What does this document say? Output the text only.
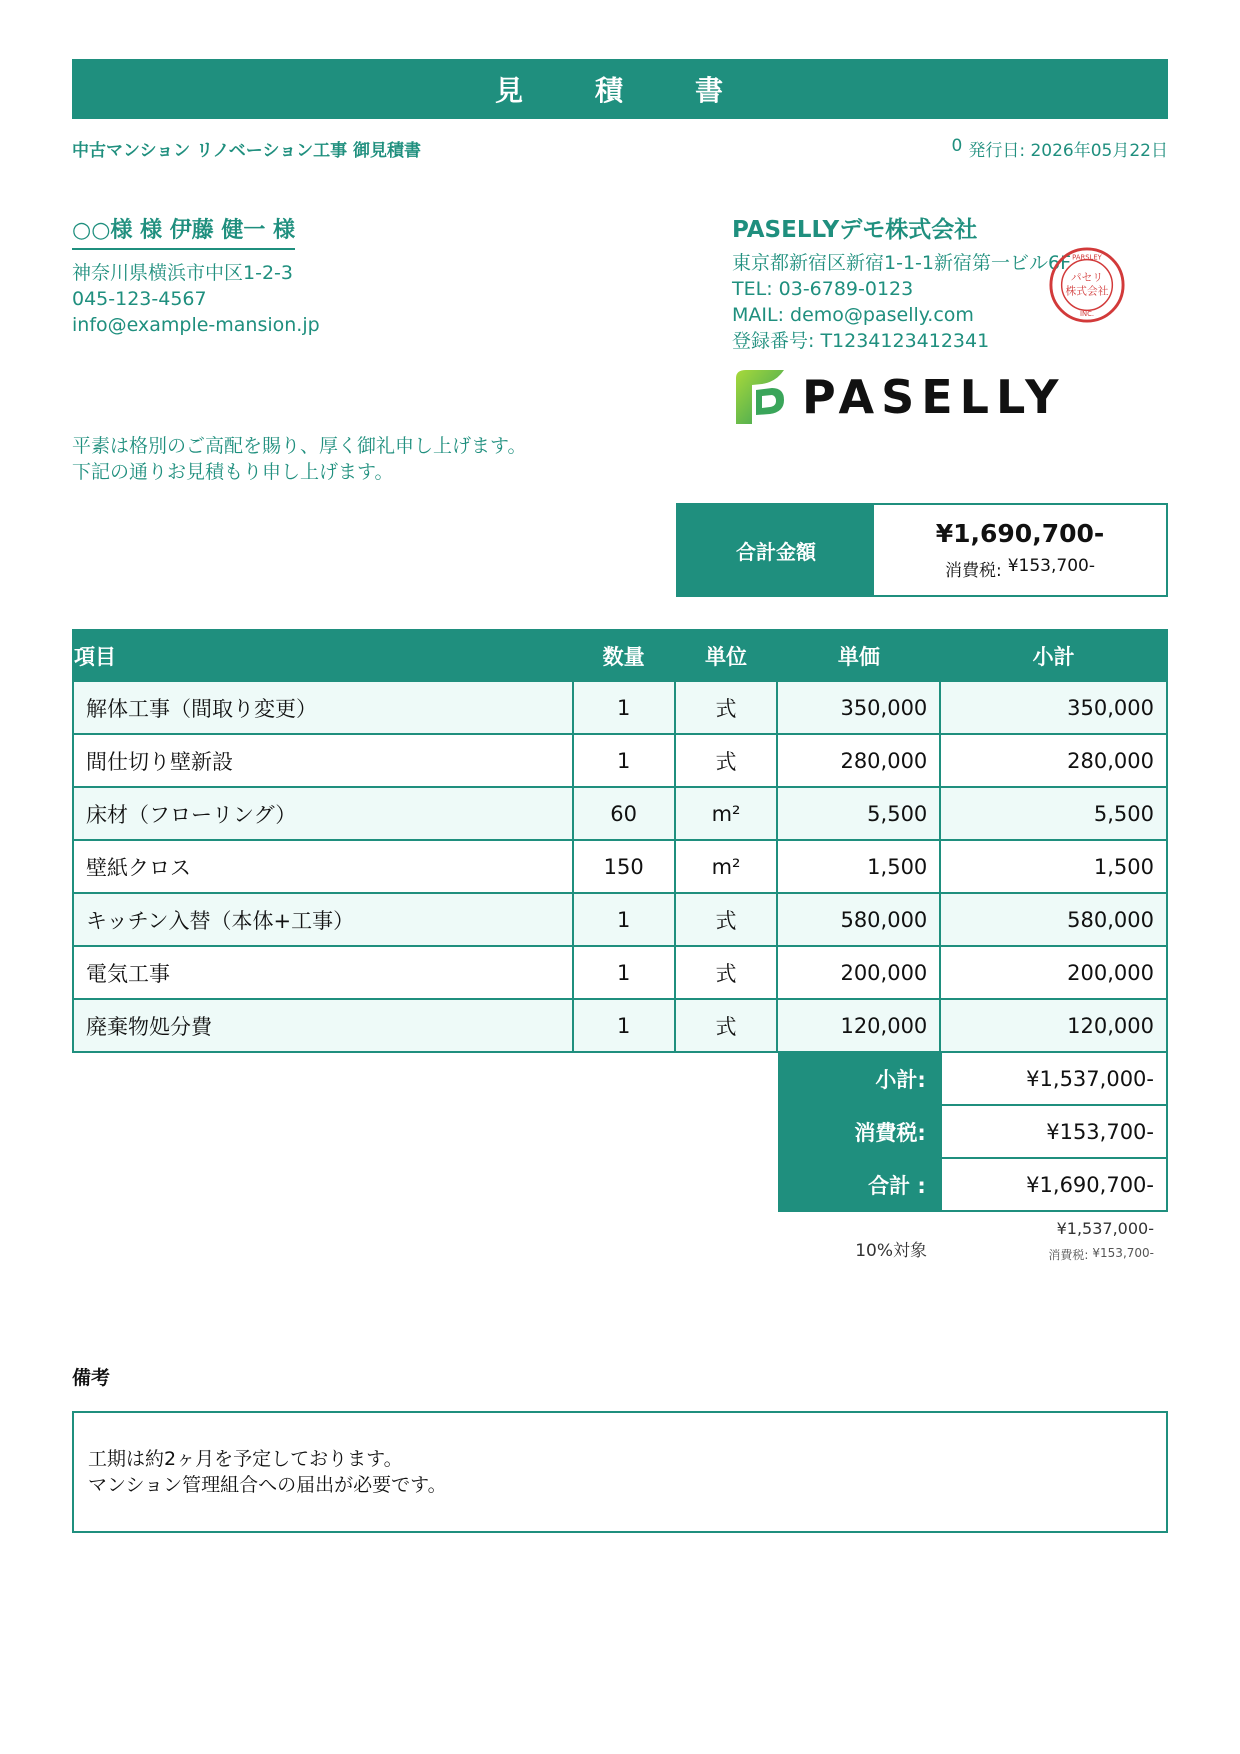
見　積　書
中古マンション リノベーション工事 御見積書	0 発行日: 2026年05月22日
○○様 様 伊藤 健一 様
神奈川県横浜市中区1-2-3
045-123-4567
info@example-mansion.jp
PASELLYデモ株式会社
東京都新宿区新宿1-1-1新宿第一ビル6F
TEL: 03-6789-0123
MAIL: demo@paselly.com
登録番号: T1234123412341
パセリ
株式会社
PARSLEY
INC.
PASELLY
平素は格別のご高配を賜り、厚く御礼申し上げます。
下記の通りお見積もり申し上げます。
合計金額
¥1,690,700-
消費税: ¥153,700-
項目	数量	単位	単価	小計
解体工事（間取り変更）	1	式	350,000	350,000
間仕切り壁新設	1	式	280,000	280,000
床材（フローリング）	60	m²	5,500	5,500
壁紙クロス	150	m²	1,500	1,500
キッチン入替（本体+工事）	1	式	580,000	580,000
電気工事	1	式	200,000	200,000
廃棄物処分費	1	式	120,000	120,000
小計:	¥1,537,000-
消費税:	¥153,700-
合計 :	¥1,690,700-
10%対象
¥1,537,000-
消費税: ¥153,700-
備考
工期は約2ヶ月を予定しております。
マンション管理組合への届出が必要です。
